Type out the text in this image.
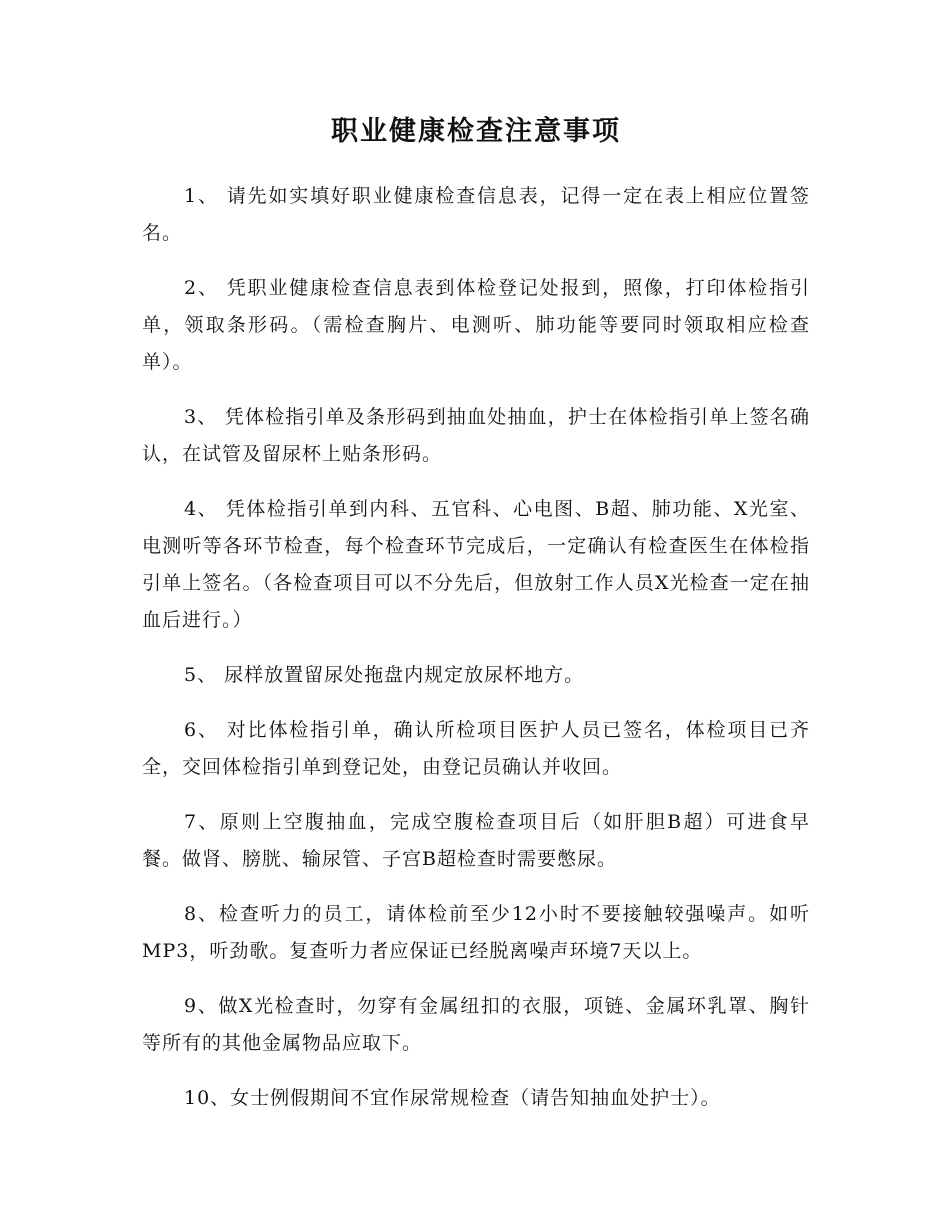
职业健康检查注意事项

1、 请先如实填好职业健康检查信息表，记得一定在表上相应位置签名。

2、 凭职业健康检查信息表到体检登记处报到，照像，打印体检指引单，领取条形码。（需检查胸片、电测听、肺功能等要同时领取相应检查单）。

3、 凭体检指引单及条形码到抽血处抽血，护士在体检指引单上签名确认，在试管及留尿杯上贴条形码。

4、 凭体检指引单到内科、五官科、心电图、B超、肺功能、X光室、电测听等各环节检查，每个检查环节完成后，一定确认有检查医生在体检指引单上签名。（各检查项目可以不分先后，但放射工作人员X光检查一定在抽血后进行。）

5、 尿样放置留尿处拖盘内规定放尿杯地方。

6、 对比体检指引单，确认所检项目医护人员已签名，体检项目已齐全，交回体检指引单到登记处，由登记员确认并收回。

7、原则上空腹抽血，完成空腹检查项目后（如肝胆B超）可进食早餐。做肾、膀胱、输尿管、子宫B超检查时需要憋尿。

8、检查听力的员工，请体检前至少12小时不要接触较强噪声。如听MP3，听劲歌。复查听力者应保证已经脱离噪声环境7天以上。

9、做X光检查时，勿穿有金属纽扣的衣服，项链、金属环乳罩、胸针等所有的其他金属物品应取下。

10、女士例假期间不宜作尿常规检查（请告知抽血处护士）。
